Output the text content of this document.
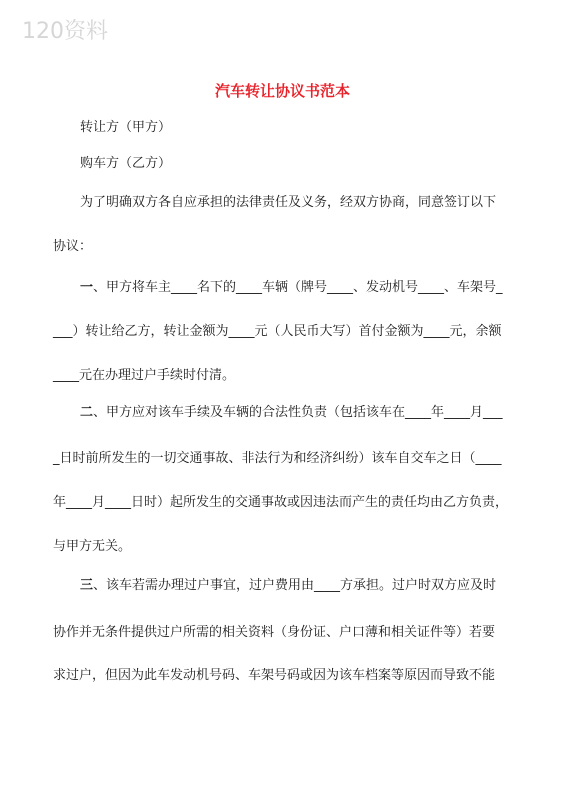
120资料
汽车转让协议书范本
转让方（甲方）
购车方（乙方）
为了明确双方各自应承担的法律责任及义务，经双方协商，同意签订以下
协议：
一、甲方将车主____名下的____车辆（牌号____、发动机号____、车架号_
___）转让给乙方，转让金额为____元（人民币大写）首付金额为____元，余额
____元在办理过户手续时付清。
二、甲方应对该车手续及车辆的合法性负责（包括该车在____年____月___
_日时前所发生的一切交通事故、非法行为和经济纠纷）该车自交车之日（____
年____月____日时）起所发生的交通事故或因违法而产生的责任均由乙方负责，
与甲方无关。
三、该车若需办理过户事宜，过户费用由____方承担。过户时双方应及时
协作并无条件提供过户所需的相关资料（身份证、户口薄和相关证件等）若要
求过户，但因为此车发动机号码、车架号码或因为该车档案等原因而导致不能
